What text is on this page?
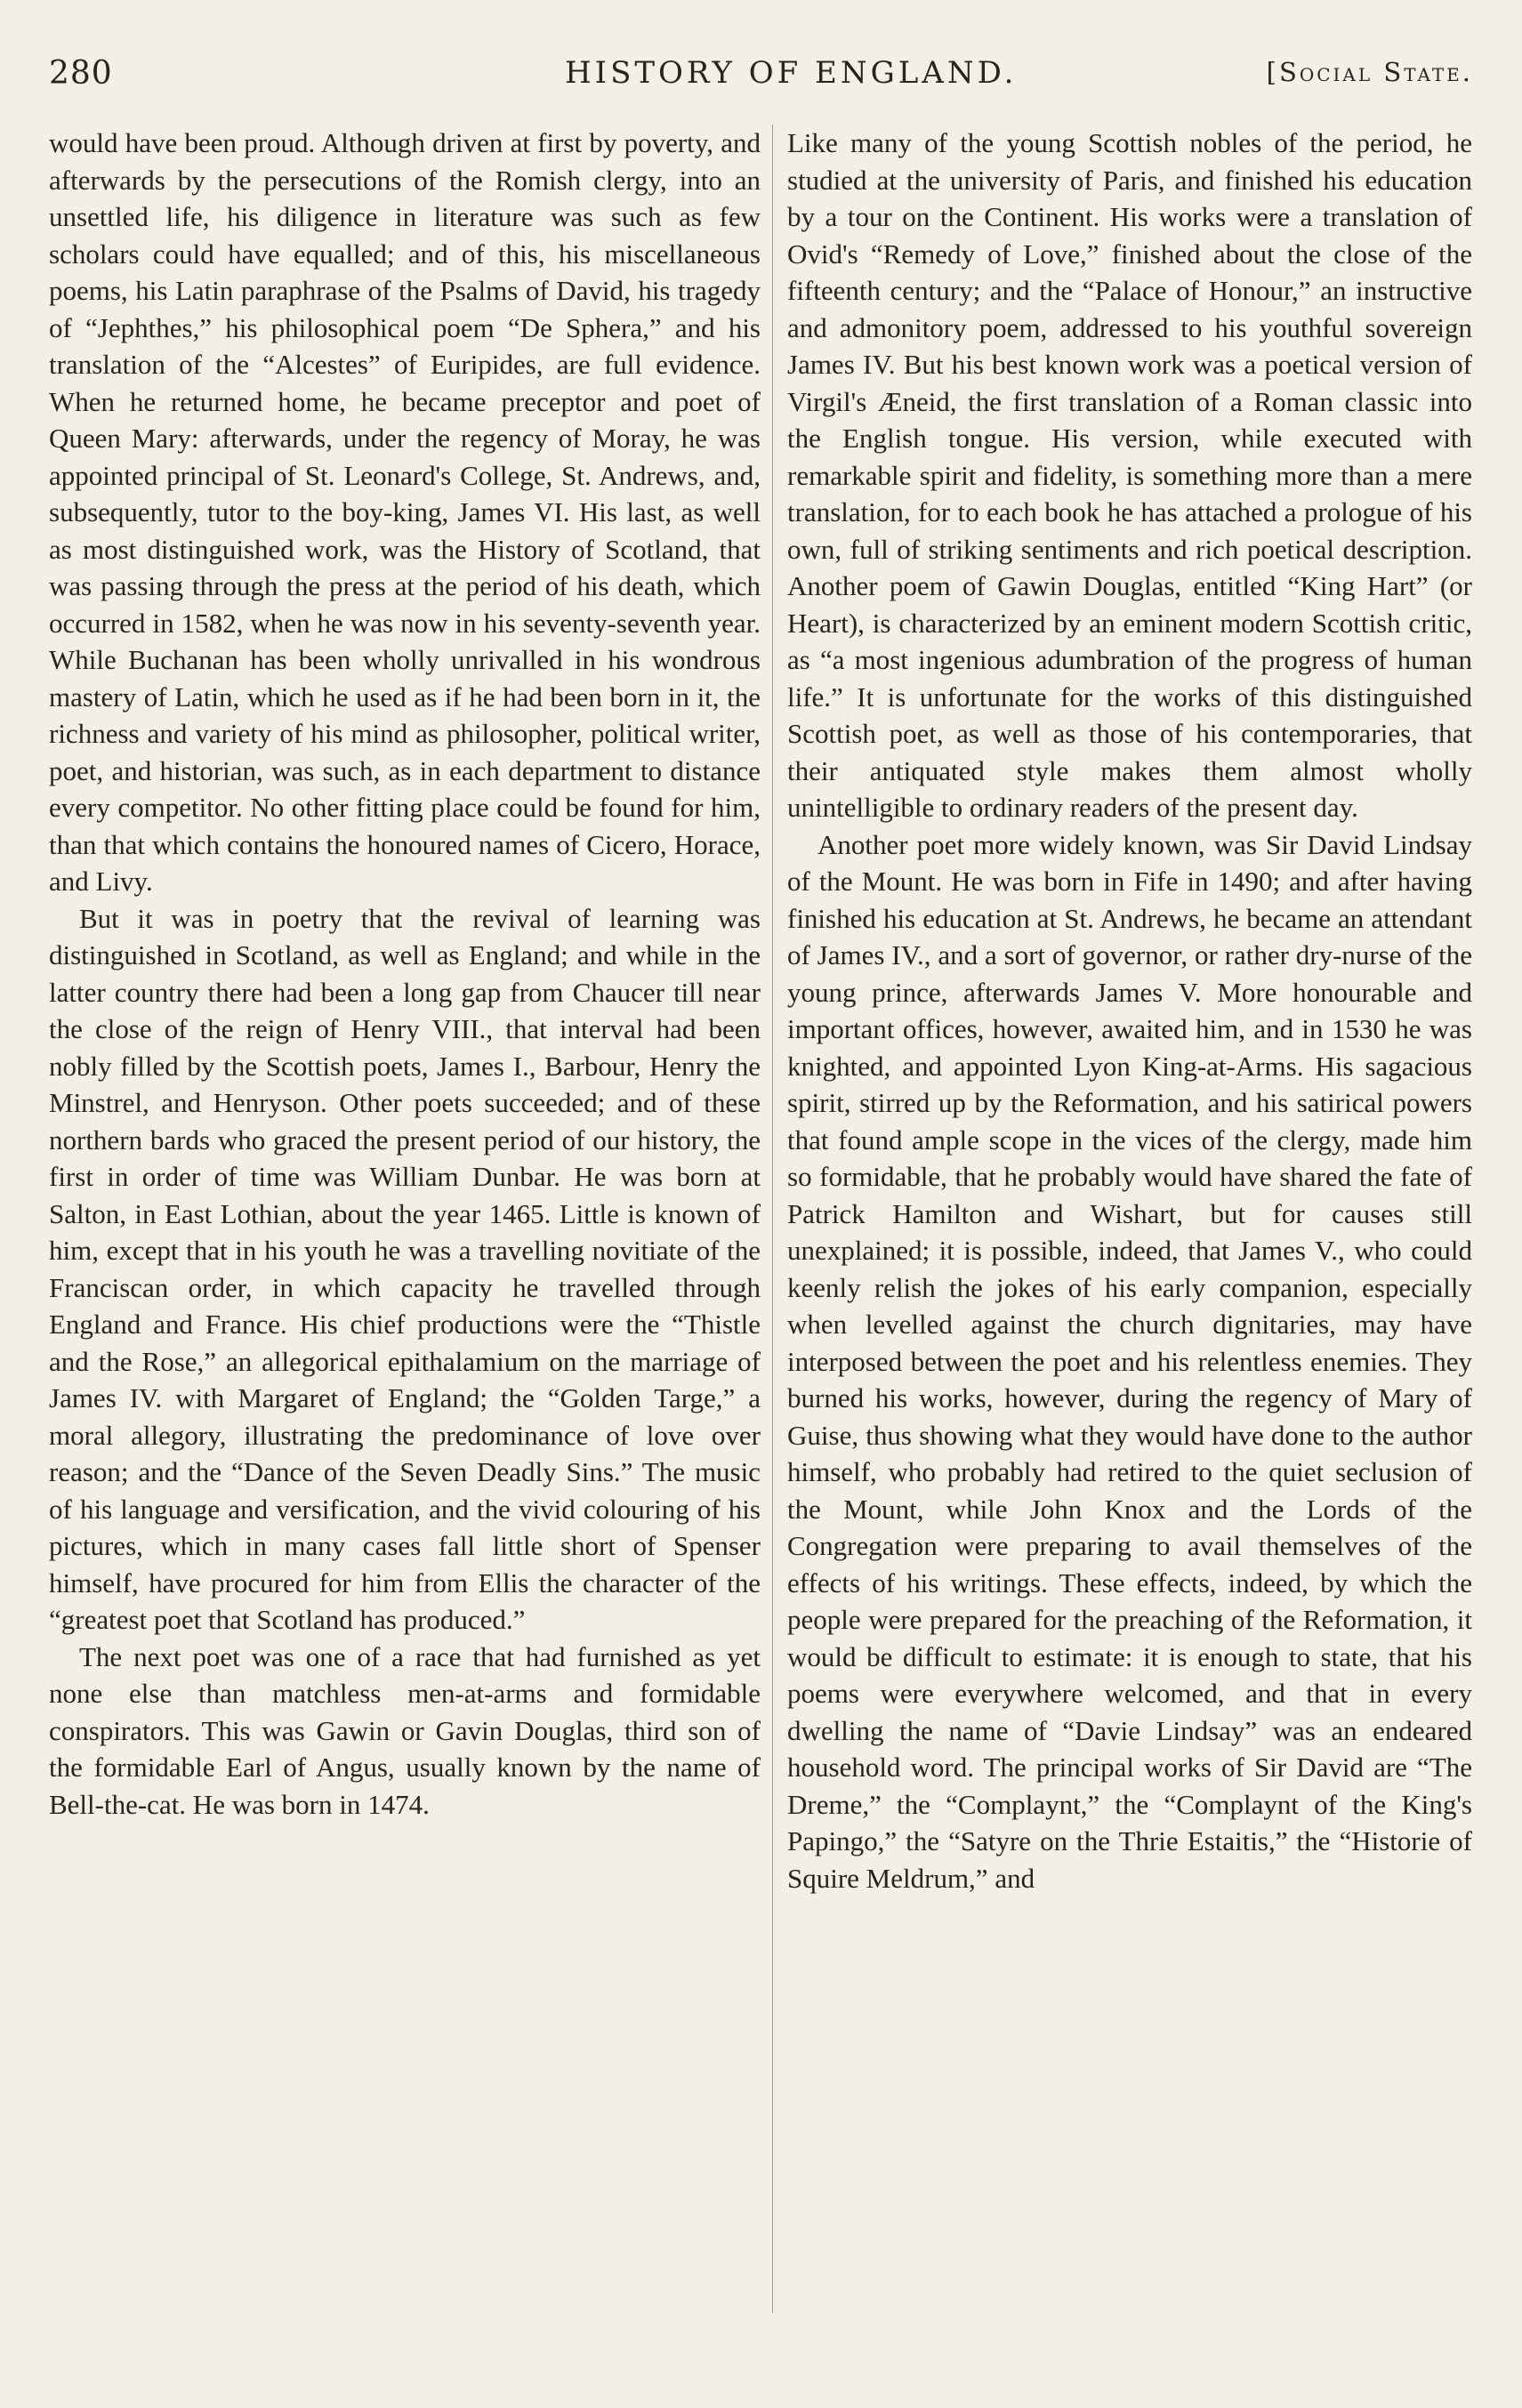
280	HISTORY OF ENGLAND.	[Social State.

would have been proud. Although driven at first by poverty, and afterwards by the persecutions of the Romish clergy, into an unsettled life, his diligence in literature was such as few scholars could have equalled; and of this, his miscellaneous poems, his Latin paraphrase of the Psalms of David, his tragedy of “Jephthes,” his philosophical poem “De Sphera,” and his translation of the “Alcestes” of Euripides, are full evidence. When he returned home, he became preceptor and poet of Queen Mary: afterwards, under the regency of Moray, he was appointed principal of St. Leonard's College, St. Andrews, and, subsequently, tutor to the boy-king, James VI. His last, as well as most distinguished work, was the History of Scotland, that was passing through the press at the period of his death, which occurred in 1582, when he was now in his seventy-seventh year. While Buchanan has been wholly unrivalled in his wondrous mastery of Latin, which he used as if he had been born in it, the richness and variety of his mind as philosopher, political writer, poet, and historian, was such, as in each department to distance every competitor. No other fitting place could be found for him, than that which contains the honoured names of Cicero, Horace, and Livy.

But it was in poetry that the revival of learning was distinguished in Scotland, as well as England; and while in the latter country there had been a long gap from Chaucer till near the close of the reign of Henry VIII., that interval had been nobly filled by the Scottish poets, James I., Barbour, Henry the Minstrel, and Henryson. Other poets succeeded; and of these northern bards who graced the present period of our history, the first in order of time was William Dunbar. He was born at Salton, in East Lothian, about the year 1465. Little is known of him, except that in his youth he was a travelling novitiate of the Franciscan order, in which capacity he travelled through England and France. His chief productions were the “Thistle and the Rose,” an allegorical epithalamium on the marriage of James IV. with Margaret of England; the “Golden Targe,” a moral allegory, illustrating the predominance of love over reason; and the “Dance of the Seven Deadly Sins.” The music of his language and versification, and the vivid colouring of his pictures, which in many cases fall little short of Spenser himself, have procured for him from Ellis the character of the “greatest poet that Scotland has produced.”

The next poet was one of a race that had furnished as yet none else than matchless men-at-arms and formidable conspirators. This was Gawin or Gavin Douglas, third son of the formidable Earl of Angus, usually known by the name of Bell-the-cat. He was born in 1474.

Like many of the young Scottish nobles of the period, he studied at the university of Paris, and finished his education by a tour on the Continent. His works were a translation of Ovid's “Remedy of Love,” finished about the close of the fifteenth century; and the “Palace of Honour,” an instructive and admonitory poem, addressed to his youthful sovereign James IV. But his best known work was a poetical version of Virgil's Æneid, the first translation of a Roman classic into the English tongue. His version, while executed with remarkable spirit and fidelity, is something more than a mere translation, for to each book he has attached a prologue of his own, full of striking sentiments and rich poetical description. Another poem of Gawin Douglas, entitled “King Hart” (or Heart), is characterized by an eminent modern Scottish critic, as “a most ingenious adumbration of the progress of human life.” It is unfortunate for the works of this distinguished Scottish poet, as well as those of his contemporaries, that their antiquated style makes them almost wholly unintelligible to ordinary readers of the present day.

Another poet more widely known, was Sir David Lindsay of the Mount. He was born in Fife in 1490; and after having finished his education at St. Andrews, he became an attendant of James IV., and a sort of governor, or rather dry-nurse of the young prince, afterwards James V. More honourable and important offices, however, awaited him, and in 1530 he was knighted, and appointed Lyon King-at-Arms. His sagacious spirit, stirred up by the Reformation, and his satirical powers that found ample scope in the vices of the clergy, made him so formidable, that he probably would have shared the fate of Patrick Hamilton and Wishart, but for causes still unexplained; it is possible, indeed, that James V., who could keenly relish the jokes of his early companion, especially when levelled against the church dignitaries, may have interposed between the poet and his relentless enemies. They burned his works, however, during the regency of Mary of Guise, thus showing what they would have done to the author himself, who probably had retired to the quiet seclusion of the Mount, while John Knox and the Lords of the Congregation were preparing to avail themselves of the effects of his writings. These effects, indeed, by which the people were prepared for the preaching of the Reformation, it would be difficult to estimate: it is enough to state, that his poems were everywhere welcomed, and that in every dwelling the name of “Davie Lindsay” was an endeared household word. The principal works of Sir David are “The Dreme,” the “Complaynt,” the “Complaynt of the King's Papingo,” the “Satyre on the Thrie Estaitis,” the “Historie of Squire Meldrum,” and
